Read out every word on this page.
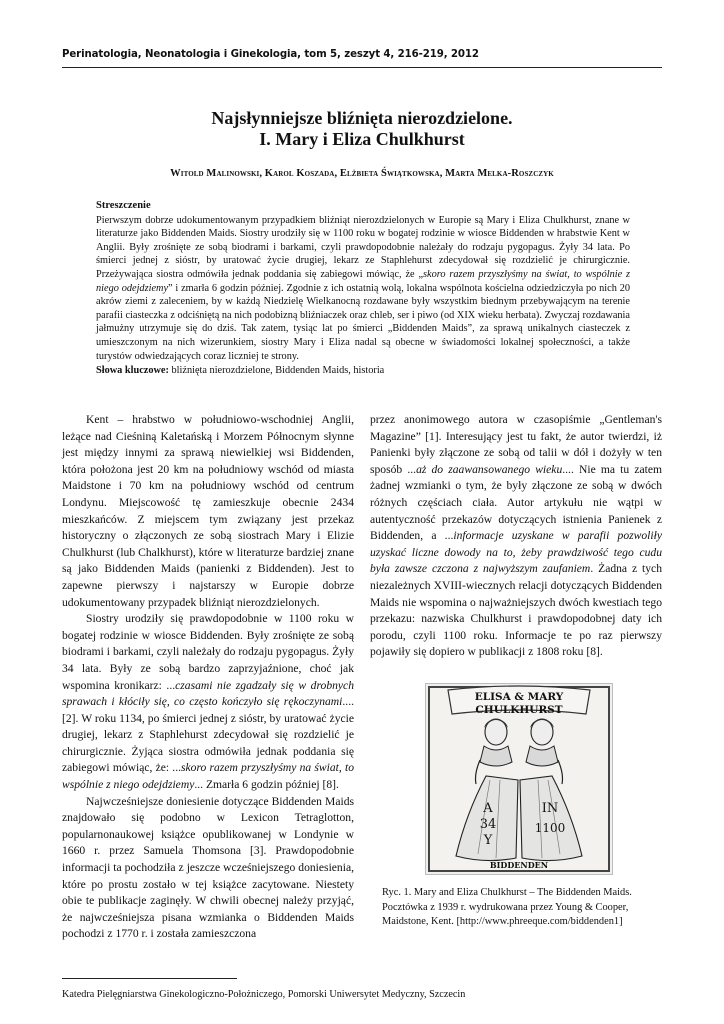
Perinatologia, Neonatologia i Ginekologia, tom 5, zeszyt 4, 216-219, 2012
Najsłynniejsze bliźnięta nierozdzielone.
I. Mary i Eliza Chulkhurst
Witold Malinowski, Karol Koszada, Elżbieta Świątkowska, Marta Melka-Roszczyk
Streszczenie
Pierwszym dobrze udokumentowanym przypadkiem bliźniąt nierozdzielonych w Europie są Mary i Eliza Chulkhurst, znane w literaturze jako Biddenden Maids. Siostry urodziły się w 1100 roku w bogatej rodzinie w wiosce Biddenden w hrabstwie Kent w Anglii. Były zrośnięte ze sobą biodrami i barkami, czyli prawdopodobnie należały do rodzaju pygopagus. Żyły 34 lata. Po śmierci jednej z sióstr, by uratować życie drugiej, lekarz ze Staphlehurst zdecydował się rozdzielić je chirurgicznie. Przeżywająca siostra odmówiła jednak poddania się zabiegowi mówiąc, że „skoro razem przyszłyśmy na świat, to wspólnie z niego odejdziemy” i zmarła 6 godzin później. Zgodnie z ich ostatnią wolą, lokalna wspólnota kościelna odziedziczyła po nich 20 akrów ziemi z zaleceniem, by w każdą Niedzielę Wielkanocną rozdawane były wszystkim biednym przebywającym na terenie parafii ciasteczka z odciśniętą na nich podobizną bliźniaczek oraz chleb, ser i piwo (od XIX wieku herbata). Zwyczaj rozdawania jałmużny utrzymuje się do dziś. Tak zatem, tysiąc lat po śmierci „Biddenden Maids”, za sprawą unikalnych ciasteczek z umieszczonym na nich wizerunkiem, siostry Mary i Eliza nadal są obecne w świadomości lokalnej społeczności, a także turystów odwiedzających coraz liczniej te strony.
Słowa kluczowe: bliźnięta nierozdzielone, Biddenden Maids, historia

Kent – hrabstwo w południowo-wschodniej Anglii, leżące nad Cieśniną Kaletańską i Morzem Północnym słynne jest między innymi za sprawą niewielkiej wsi Biddenden, która położona jest 20 km na południowy wschód od miasta Maidstone i 70 km na południowy wschód od centrum Londynu. Miejscowość tę zamieszkuje obecnie 2434 mieszkańców. Z miejscem tym związany jest przekaz historyczny o złączonych ze sobą siostrach Mary i Elizie Chulkhurst (lub Chalkhurst), które w literaturze bardziej znane są jako Biddenden Maids (panienki z Biddenden). Jest to zapewne pierwszy i najstarszy w Europie dobrze udokumentowany przypadek bliźniąt nierozdzielonych.

Siostry urodziły się prawdopodobnie w 1100 roku w bogatej rodzinie w wiosce Biddenden. Były zrośnięte ze sobą biodrami i barkami, czyli należały do rodzaju pygopagus. Żyły 34 lata. Były ze sobą bardzo zaprzyjaźnione, choć jak wspomina kronikarz: ...czasami nie zgadzały się w drobnych sprawach i kłóciły się, co często kończyło się rękoczynami.... [2]. W roku 1134, po śmierci jednej z sióstr, by uratować życie drugiej, lekarz z Staphlehurst zdecydował się rozdzielić je chirurgicznie. Żyjąca siostra odmówiła jednak poddania się zabiegowi mówiąc, że: ...skoro razem przyszłyśmy na świat, to wspólnie z niego odejdziemy... Zmarła 6 godzin później [8].

Najwcześniejsze doniesienie dotyczące Biddenden Maids znajdowało się podobno w Lexicon Tetraglotton, popularnonaukowej książce opublikowanej w Londynie w 1660 r. przez Samuela Thomsona [3]. Prawdopodobnie informacji ta pochodziła z jeszcze wcześniejszego doniesienia, które po prostu zostało w tej książce zacytowane. Niestety obie te publikacje zaginęły. W chwili obecnej należy przyjąć, że najwcześniejsza pisana wzmianka o Biddenden Maids pochodzi z 1770 r. i została zamieszczona

przez anonimowego autora w czasopiśmie „Gentleman's Magazine” [1]. Interesujący jest tu fakt, że autor twierdzi, iż Panienki były złączone ze sobą od talii w dół i dożyły w ten sposób ...aż do zaawansowanego wieku.... Nie ma tu zatem żadnej wzmianki o tym, że były złączone ze sobą w dwóch różnych częściach ciała. Autor artykułu nie wątpi w autentyczność przekazów dotyczących istnienia Panienek z Biddenden, a ...informacje uzyskane w parafii pozwoliły uzyskać liczne dowody na to, żeby prawdziwość tego cudu była zawsze czczona z najwyższym zaufaniem. Żadna z tych niezależnych XVIII-wiecznych relacji dotyczących Biddenden Maids nie wspomina o najważniejszych dwóch kwestiach tego przekazu: nazwiska Chulkhurst i prawdopodobnej daty ich porodu, czyli 1100 roku. Informacje te po raz pierwszy pojawiły się dopiero w publikacji z 1808 roku [8].

ELISA & MARY
CHULKHURST
A
34
Y
IN
1100
BIDDENDEN
Ryc. 1. Mary and Eliza Chulkhurst – The Biddenden Maids. Pocztówka z 1939 r. wydrukowana przez Young & Cooper, Maidstone, Kent. [http://www.phreeque.com/biddenden1]
Katedra Pielęgniarstwa Ginekologiczno-Położniczego, Pomorski Uniwersytet Medyczny, Szczecin
